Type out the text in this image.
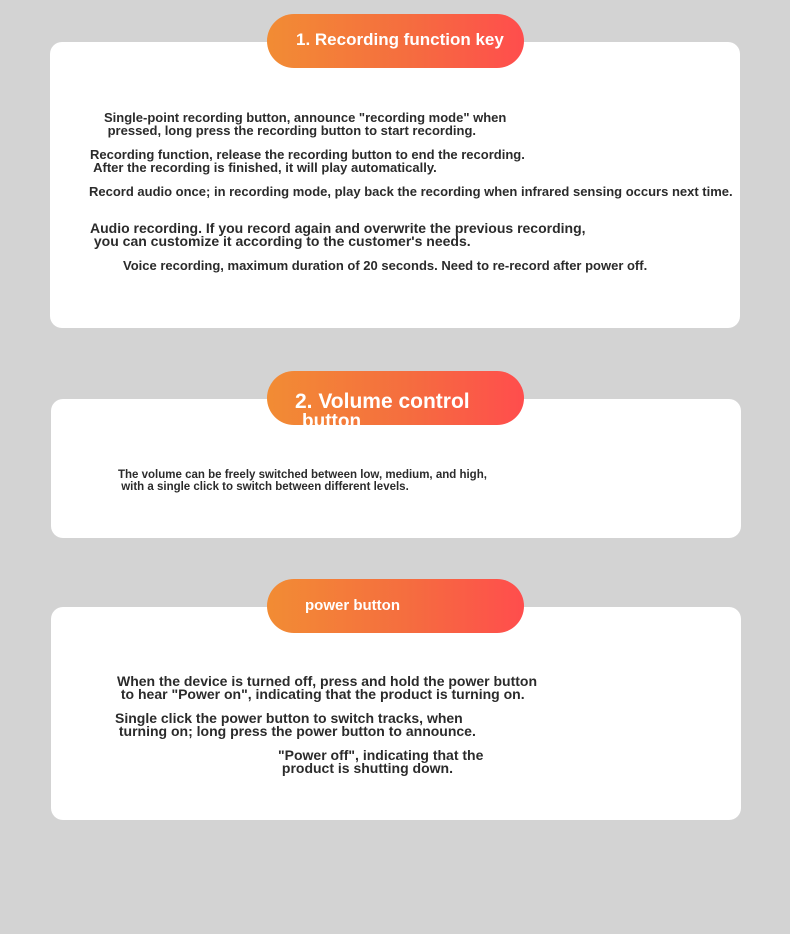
1. Recording function key

Single-point recording button, announce "recording mode" when
pressed, long press the recording button to start recording.

Recording function, release the recording button to end the recording.
After the recording is finished, it will play automatically.

Record audio once; in recording mode, play back the recording when infrared sensing occurs next time.

Audio recording. If you record again and overwrite the previous recording,
you can customize it according to the customer's needs.

Voice recording, maximum duration of 20 seconds. Need to re-record after power off.

2. Volume control
button

The volume can be freely switched between low, medium, and high,
with a single click to switch between different levels.

power button

When the device is turned off, press and hold the power button
to hear "Power on", indicating that the product is turning on.

Single click the power button to switch tracks, when
turning on; long press the power button to announce.

"Power off", indicating that the
product is shutting down.
